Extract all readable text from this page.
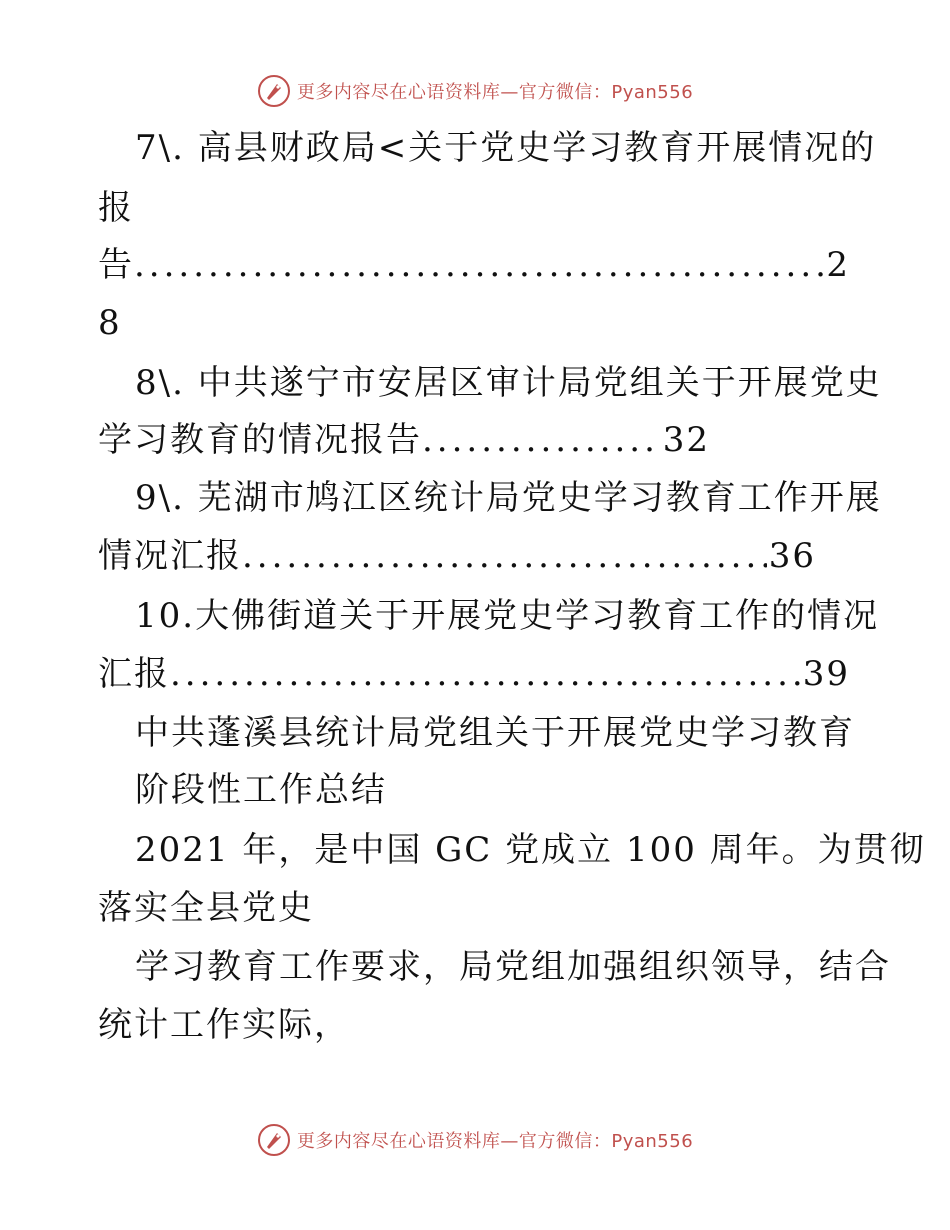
更多内容尽在心语资料库—官方微信：Pyan556
7\. 高县财政局<关于党史学习教育开展情况的
报
告 .....	2
8
8\. 中共遂宁市安居区审计局党组关于开展党史
学习教育的情况报告 .....	32
9\. 芜湖市鸠江区统计局党史学习教育工作开展
情况汇报 .....	36
10.大佛街道关于开展党史学习教育工作的情况
汇报 .....	39
中共蓬溪县统计局党组关于开展党史学习教育
阶段性工作总结
2021 年，是中国 GC 党成立 100 周年。为贯彻
落实全县党史
学习教育工作要求，局党组加强组织领导，结合
统计工作实际，
更多内容尽在心语资料库—官方微信：Pyan556
